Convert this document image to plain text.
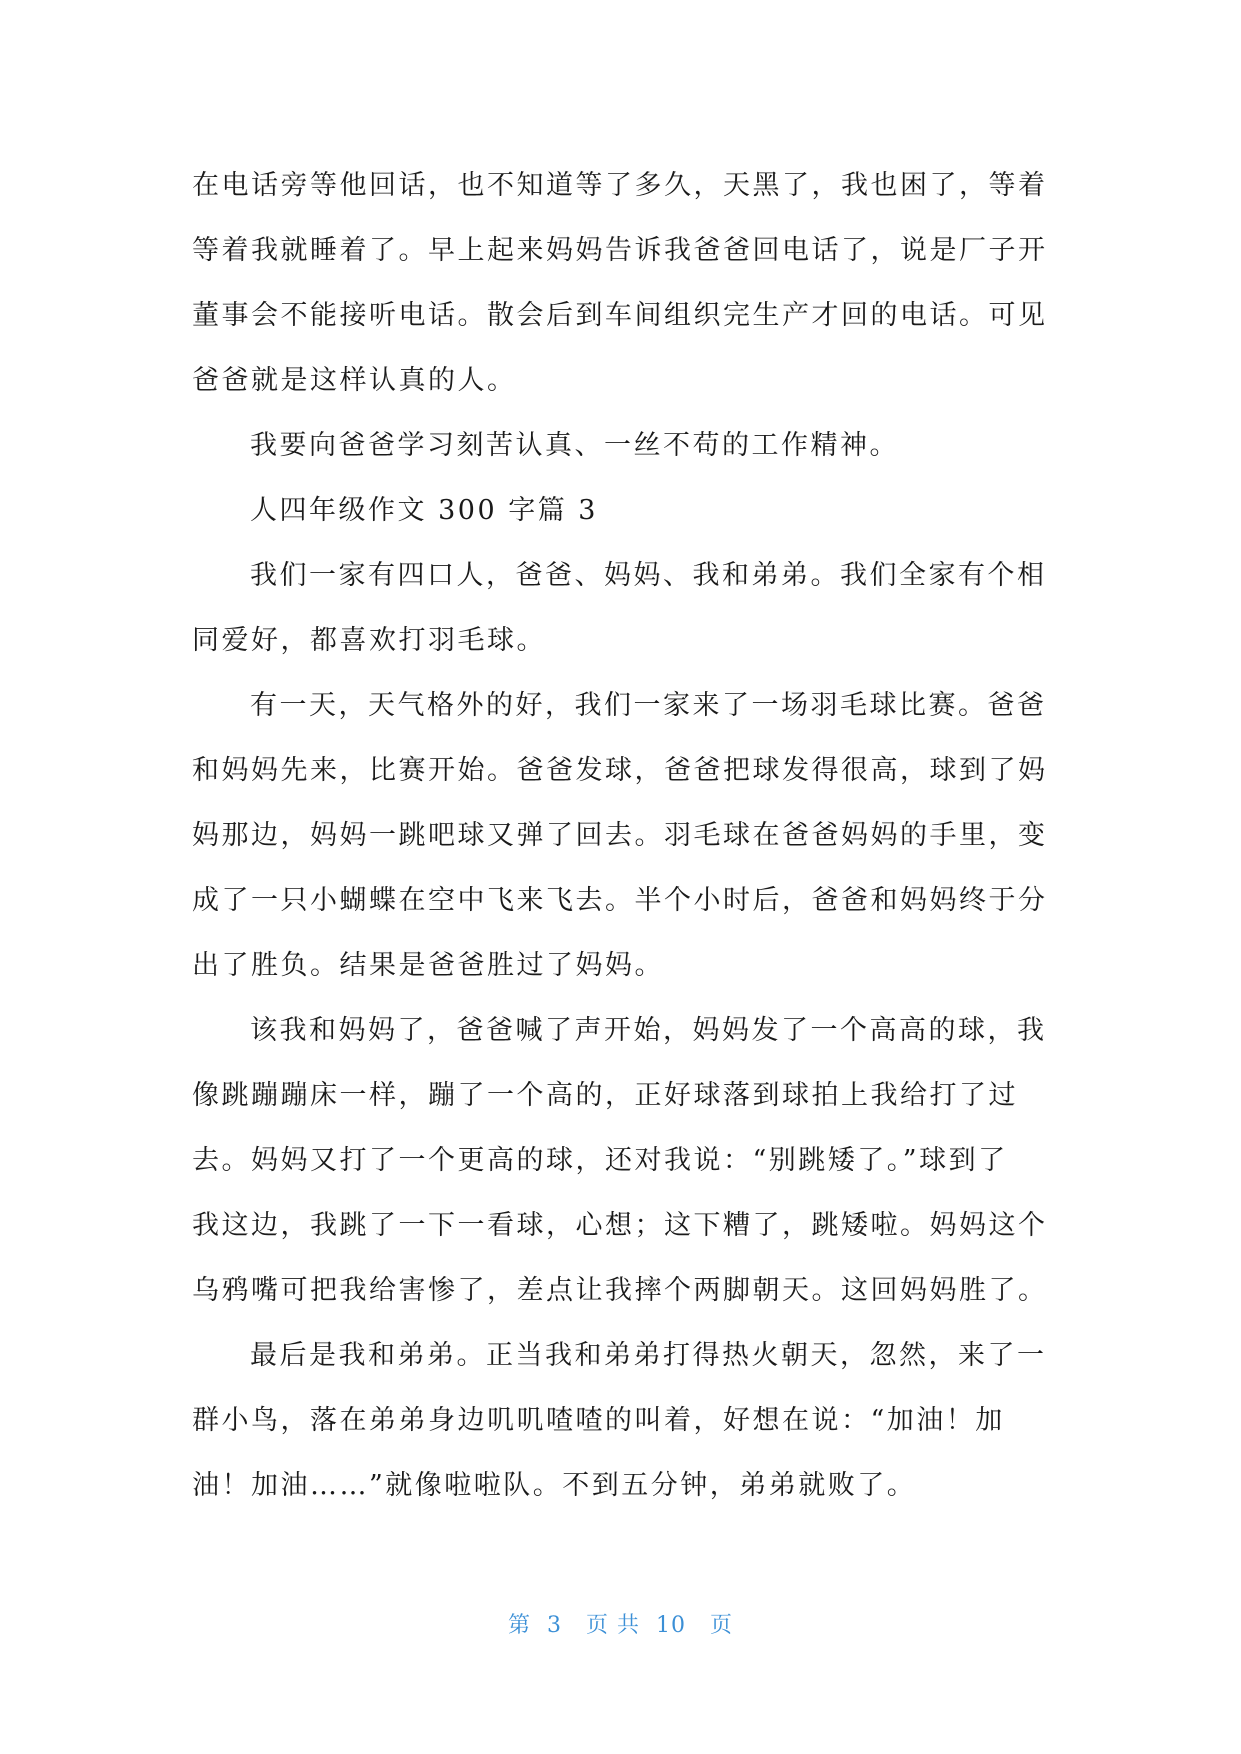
在电话旁等他回话，也不知道等了多久，天黑了，我也困了，等着
等着我就睡着了。早上起来妈妈告诉我爸爸回电话了，说是厂子开
董事会不能接听电话。散会后到车间组织完生产才回的电话。可见
爸爸就是这样认真的人。
我要向爸爸学习刻苦认真、一丝不苟的工作精神。
人四年级作文 300 字篇 3
我们一家有四口人，爸爸、妈妈、我和弟弟。我们全家有个相
同爱好，都喜欢打羽毛球。
有一天，天气格外的好，我们一家来了一场羽毛球比赛。爸爸
和妈妈先来，比赛开始。爸爸发球，爸爸把球发得很高，球到了妈
妈那边，妈妈一跳吧球又弹了回去。羽毛球在爸爸妈妈的手里，变
成了一只小蝴蝶在空中飞来飞去。半个小时后，爸爸和妈妈终于分
出了胜负。结果是爸爸胜过了妈妈。
该我和妈妈了，爸爸喊了声开始，妈妈发了一个高高的球，我
像跳蹦蹦床一样，蹦了一个高的，正好球落到球拍上我给打了过
去。妈妈又打了一个更高的球，还对我说：“别跳矮了。”球到了
我这边，我跳了一下一看球，心想；这下糟了，跳矮啦。妈妈这个
乌鸦嘴可把我给害惨了，差点让我摔个两脚朝天。这回妈妈胜了。
最后是我和弟弟。正当我和弟弟打得热火朝天，忽然，来了一
群小鸟，落在弟弟身边叽叽喳喳的叫着，好想在说：“加油！加
油！加油……”就像啦啦队。不到五分钟，弟弟就败了。
第  3   页 共  10   页
